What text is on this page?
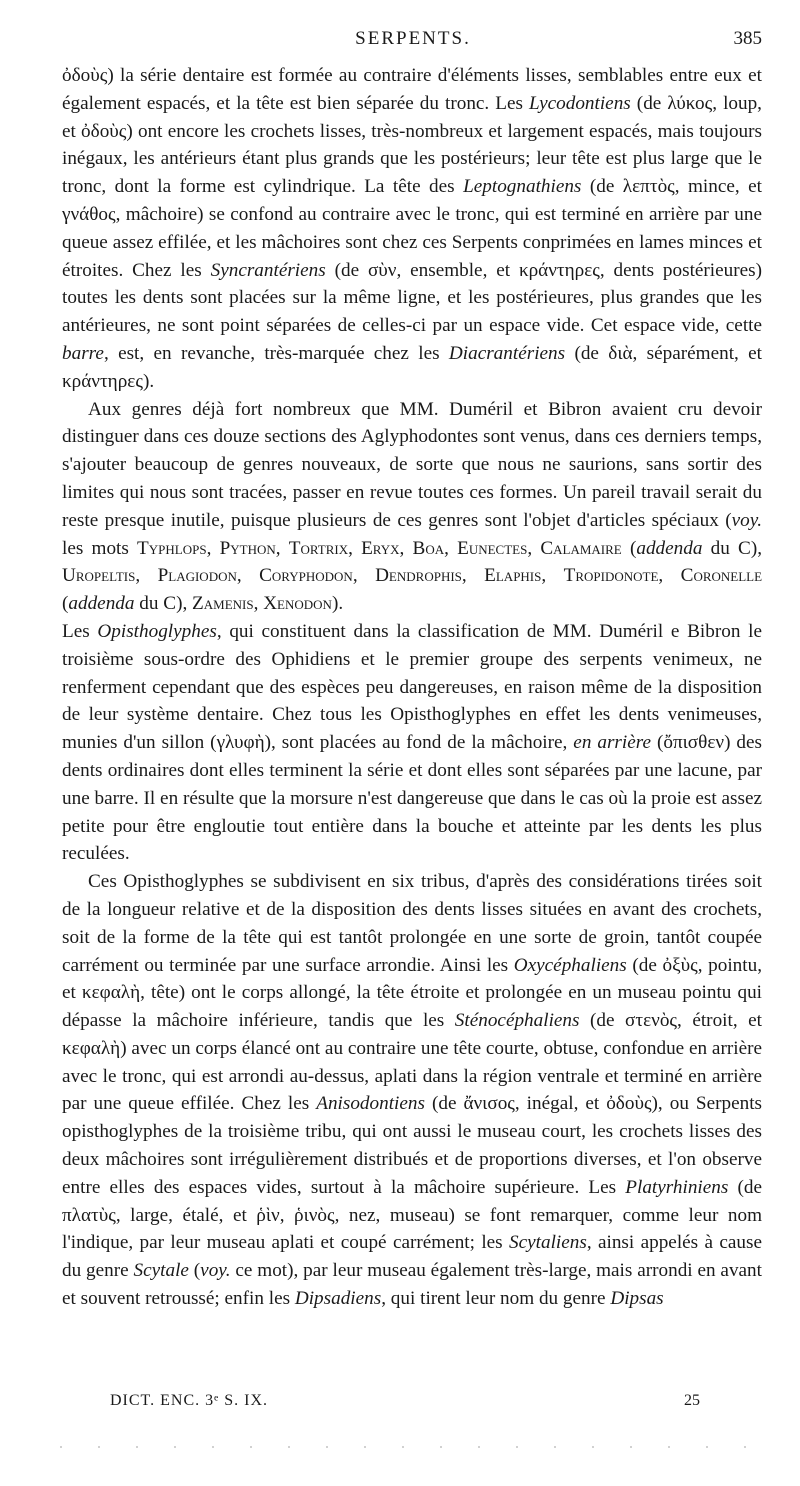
SERPENTS.	385

ὀδοὺς) la série dentaire est formée au contraire d'éléments lisses, semblables entre eux et également espacés, et la tête est bien séparée du tronc. Les Lycodontiens (de λύκος, loup, et ὀδοὺς) ont encore les crochets lisses, très-nombreux et largement espacés, mais toujours inégaux, les antérieurs étant plus grands que les postérieurs; leur tête est plus large que le tronc, dont la forme est cylindrique. La tête des Leptognathiens (de λεπτὸς, mince, et γνάθος, mâchoire) se confond au contraire avec le tronc, qui est terminé en arrière par une queue assez effilée, et les mâchoires sont chez ces Serpents conprimées en lames minces et étroites. Chez les Syncrantériens (de σὺν, ensemble, et κράντηρες, dents postérieures) toutes les dents sont placées sur la même ligne, et les postérieures, plus grandes que les antérieures, ne sont point séparées de celles-ci par un espace vide. Cet espace vide, cette barre, est, en revanche, très-marquée chez les Diacrantériens (de διὰ, séparément, et κράντηρες).

Aux genres déjà fort nombreux que MM. Duméril et Bibron avaient cru devoir distinguer dans ces douze sections des Aglyphodontes sont venus, dans ces derniers temps, s'ajouter beaucoup de genres nouveaux, de sorte que nous ne saurions, sans sortir des limites qui nous sont tracées, passer en revue toutes ces formes. Un pareil travail serait du reste presque inutile, puisque plusieurs de ces genres sont l'objet d'articles spéciaux (voy. les mots Typhlops, Python, Tortrix, Eryx, Boa, Eunectes, Calamaire (addenda du C), Uropeltis, Plagiodon, Coryphodon, Dendrophis, Elaphis, Tropidonote, Coronelle (addenda du C), Zamenis, Xenodon).

Les Opisthoglyphes, qui constituent dans la classification de MM. Duméril e Bibron le troisième sous-ordre des Ophidiens et le premier groupe des serpents venimeux, ne renferment cependant que des espèces peu dangereuses, en raison même de la disposition de leur système dentaire. Chez tous les Opisthoglyphes en effet les dents venimeuses, munies d'un sillon (γλυφὴ), sont placées au fond de la mâchoire, en arrière (ὄπισθεν) des dents ordinaires dont elles terminent la série et dont elles sont séparées par une lacune, par une barre. Il en résulte que la morsure n'est dangereuse que dans le cas où la proie est assez petite pour être engloutie tout entière dans la bouche et atteinte par les dents les plus reculées.

Ces Opisthoglyphes se subdivisent en six tribus, d'après des considérations tirées soit de la longueur relative et de la disposition des dents lisses situées en avant des crochets, soit de la forme de la tête qui est tantôt prolongée en une sorte de groin, tantôt coupée carrément ou terminée par une surface arrondie. Ainsi les Oxycéphaliens (de ὀξὺς, pointu, et κεφαλὴ, tête) ont le corps allongé, la tête étroite et prolongée en un museau pointu qui dépasse la mâchoire inférieure, tandis que les Sténocéphaliens (de στενὸς, étroit, et κεφαλὴ) avec un corps élancé ont au contraire une tête courte, obtuse, confondue en arrière avec le tronc, qui est arrondi au-dessus, aplati dans la région ventrale et terminé en arrière par une queue effilée. Chez les Anisodontiens (de ἄνισος, inégal, et ὀδοὺς), ou Serpents opisthoglyphes de la troisième tribu, qui ont aussi le museau court, les crochets lisses des deux mâchoires sont irrégulièrement distribués et de proportions diverses, et l'on observe entre elles des espaces vides, surtout à la mâchoire supérieure. Les Platyrhiniens (de πλατὺς, large, étalé, et ῥὶν, ῥινὸς, nez, museau) se font remarquer, comme leur nom l'indique, par leur museau aplati et coupé carrément; les Scytaliens, ainsi appelés à cause du genre Scytale (voy. ce mot), par leur museau également très-large, mais arrondi en avant et souvent retroussé; enfin les Dipsadiens, qui tirent leur nom du genre Dipsas

DICT. ENC. 3ᵉ S. IX.	25
